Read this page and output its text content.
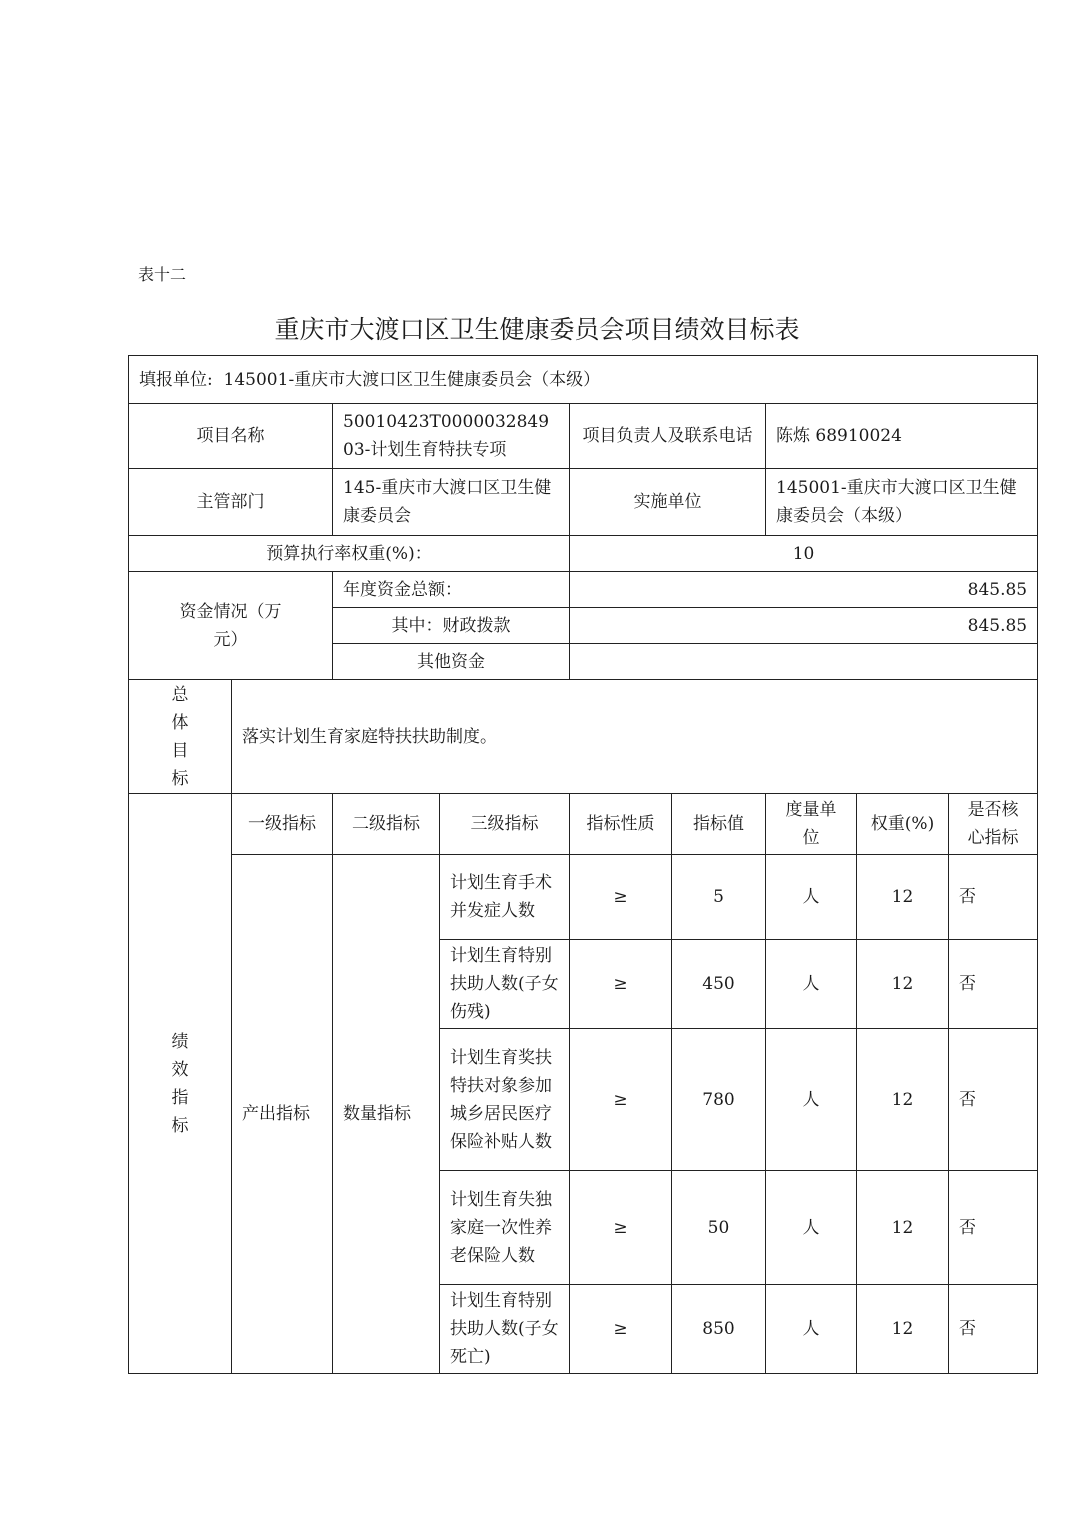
表十二
重庆市大渡口区卫生健康委员会项目绩效目标表
填报单位: 145001-重庆市大渡口区卫生健康委员会（本级）								
项目名称		50010423T000003284903-计划生育特扶专项		项目负责人及联系电话		陈炼 68910024		
主管部门		145-重庆市大渡口区卫生健康委员会		实施单位		145001-重庆市大渡口区卫生健康委员会（本级）		
预算执行率权重(%)：				10				
资金情况（万元）		年度资金总额：		845.85				
		其中：财政拨款		845.85				
		其他资金						
总体目标	落实计划生育家庭特扶扶助制度。							
绩效指标	一级指标	二级指标	三级指标	指标性质	指标值	度量单位	权重(%)	是否核心指标
	产出指标	数量指标	计划生育手术并发症人数	≥	5	人	12	否
			计划生育特别扶助人数(子女伤残)	≥	450	人	12	否
			计划生育奖扶特扶对象参加城乡居民医疗保险补贴人数	≥	780	人	12	否
			计划生育失独家庭一次性养老保险人数	≥	50	人	12	否
			计划生育特别扶助人数(子女死亡)	≥	850	人	12	否
